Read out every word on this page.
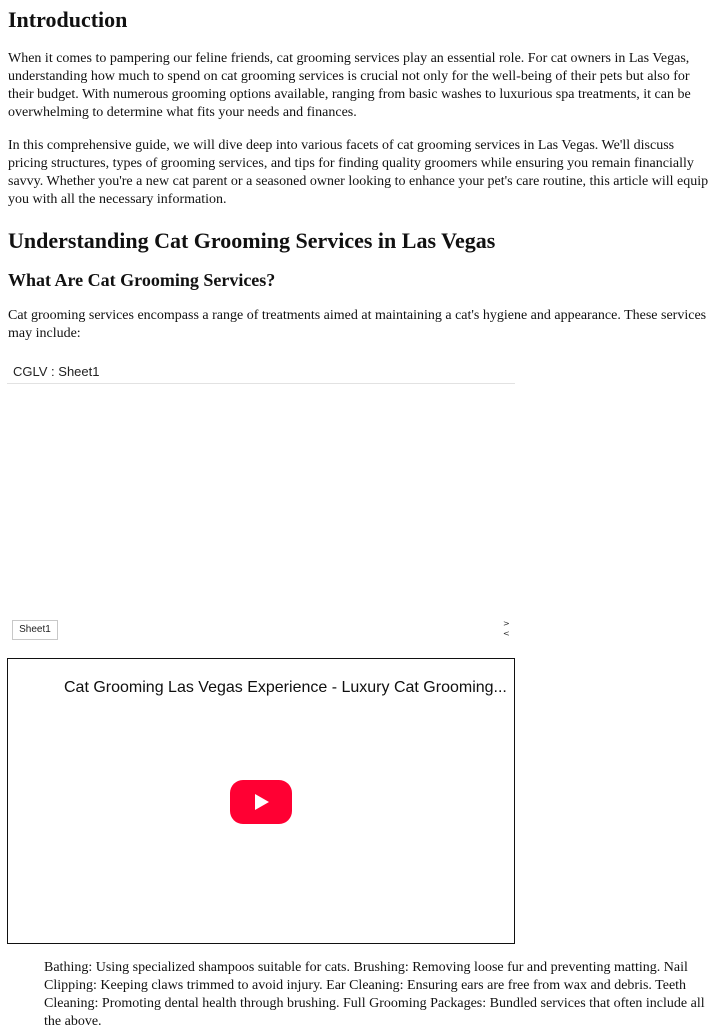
Introduction

When it comes to pampering our feline friends, cat grooming services play an essential role. For cat owners in Las Vegas, understanding how much to spend on cat grooming services is crucial not only for the well-being of their pets but also for their budget. With numerous grooming options available, ranging from basic washes to luxurious spa treatments, it can be overwhelming to determine what fits your needs and finances.

In this comprehensive guide, we will dive deep into various facets of cat grooming services in Las Vegas. We'll discuss pricing structures, types of grooming services, and tips for finding quality groomers while ensuring you remain financially savvy. Whether you're a new cat parent or a seasoned owner looking to enhance your pet's care routine, this article will equip you with all the necessary information.

Understanding Cat Grooming Services in Las Vegas
What Are Cat Grooming Services?

Cat grooming services encompass a range of treatments aimed at maintaining a cat's hygiene and appearance. These services may include:

CGLV : Sheet1
Sheet1
>
<
Cat Grooming Las Vegas Experience - Luxury Cat Grooming...

Bathing: Using specialized shampoos suitable for cats. Brushing: Removing loose fur and preventing matting. Nail Clipping: Keeping claws trimmed to avoid injury. Ear Cleaning: Ensuring ears are free from wax and debris. Teeth Cleaning: Promoting dental health through brushing. Full Grooming Packages: Bundled services that often include all the above.
